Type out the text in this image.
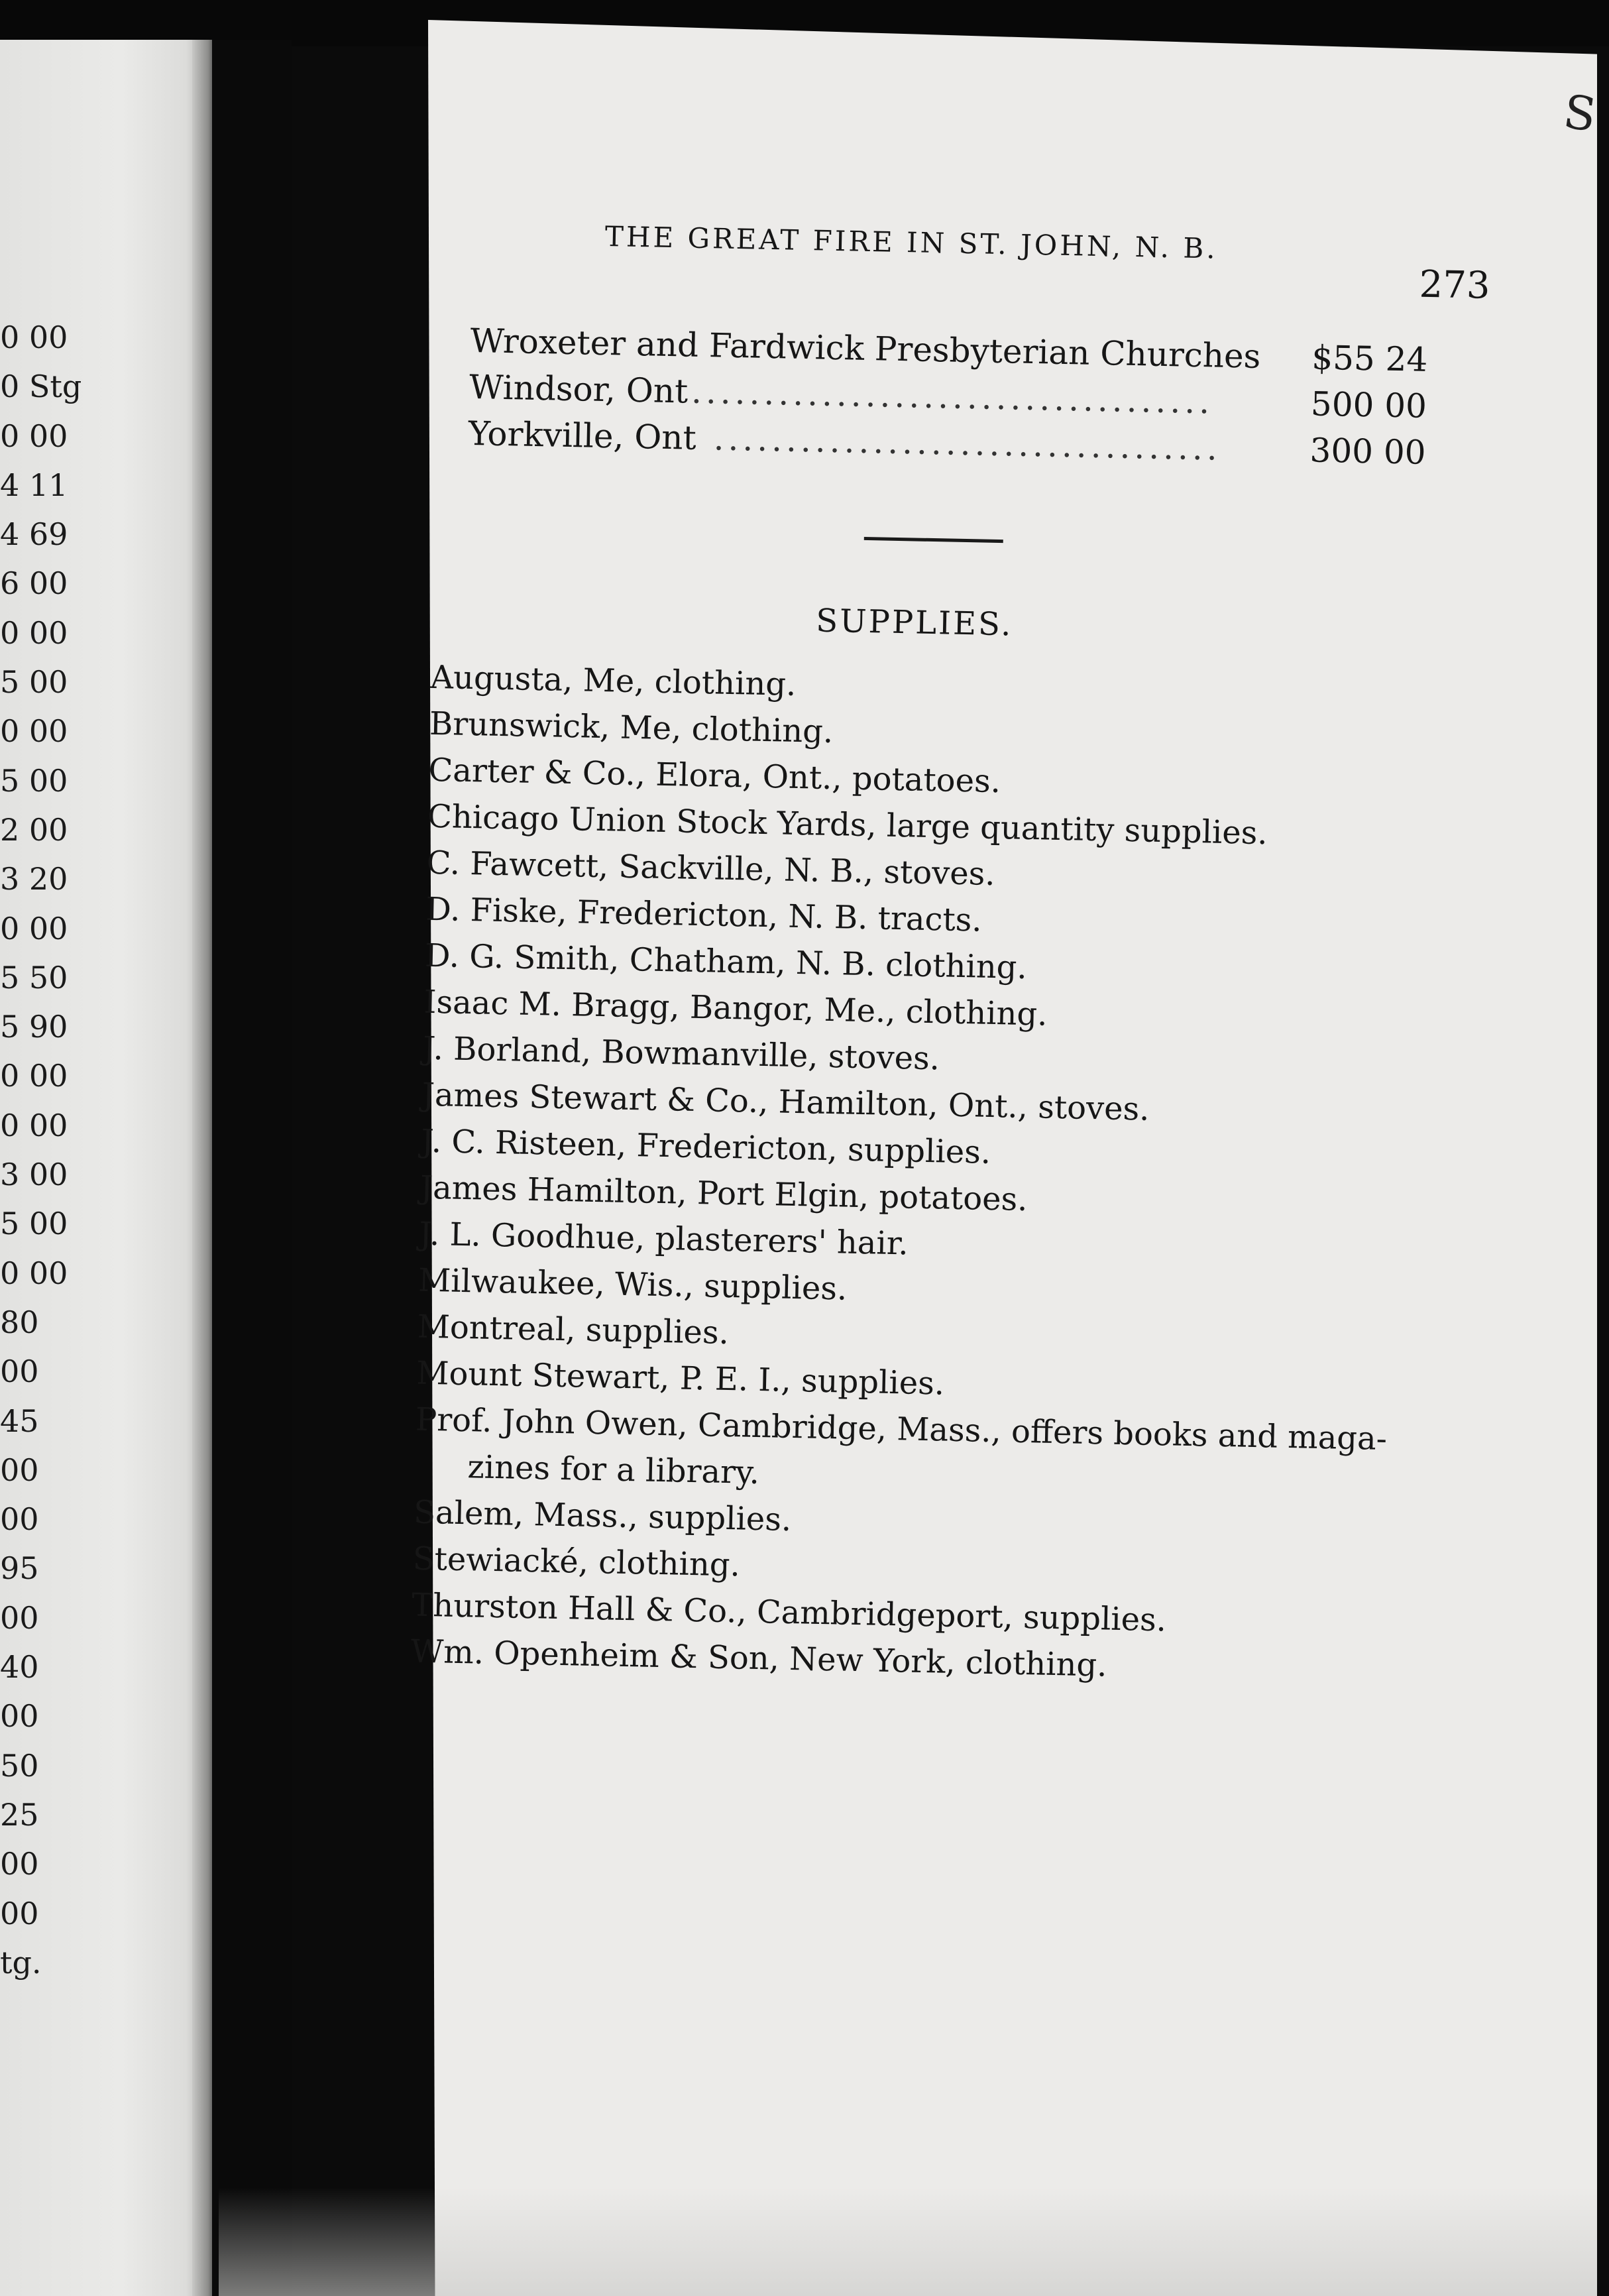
0 00
0 Stg
0 00
4 11
4 69
6 00
0 00
5 00
0 00
5 00
2 00
3 20
0 00
5 50
5 90
0 00
0 00
3 00
5 00
0 00
80
00
45
00
00
95
00
40
00
50
25
00
00
tg.
THE GREAT FIRE IN ST. JOHN, N. B.
273
Wroxeter and Fardwick Presbyterian Churches $55 24
Windsor, Ont ....................................	500 00
Yorkville, Ont ...................................	300 00
SUPPLIES.
Augusta, Me, clothing.
Brunswick, Me, clothing.
Carter & Co., Elora, Ont., potatoes.
Chicago Union Stock Yards, large quantity supplies.
C. Fawcett, Sackville, N. B., stoves.
D. Fiske, Fredericton, N. B. tracts.
D. G. Smith, Chatham, N. B. clothing.
Isaac M. Bragg, Bangor, Me., clothing.
J. Borland, Bowmanville, stoves.
James Stewart & Co., Hamilton, Ont., stoves.
J. C. Risteen, Fredericton, supplies.
James Hamilton, Port Elgin, potatoes.
J. L. Goodhue, plasterers' hair.
Milwaukee, Wis., supplies.
Montreal, supplies.
Mount Stewart, P. E. I., supplies.
Prof. John Owen, Cambridge, Mass., offers books and maga-
zines for a library.
Salem, Mass., supplies.
Stewiacké, clothing.
Thurston Hall & Co., Cambridgeport, supplies.
Wm. Openheim & Son, New York, clothing.
S
